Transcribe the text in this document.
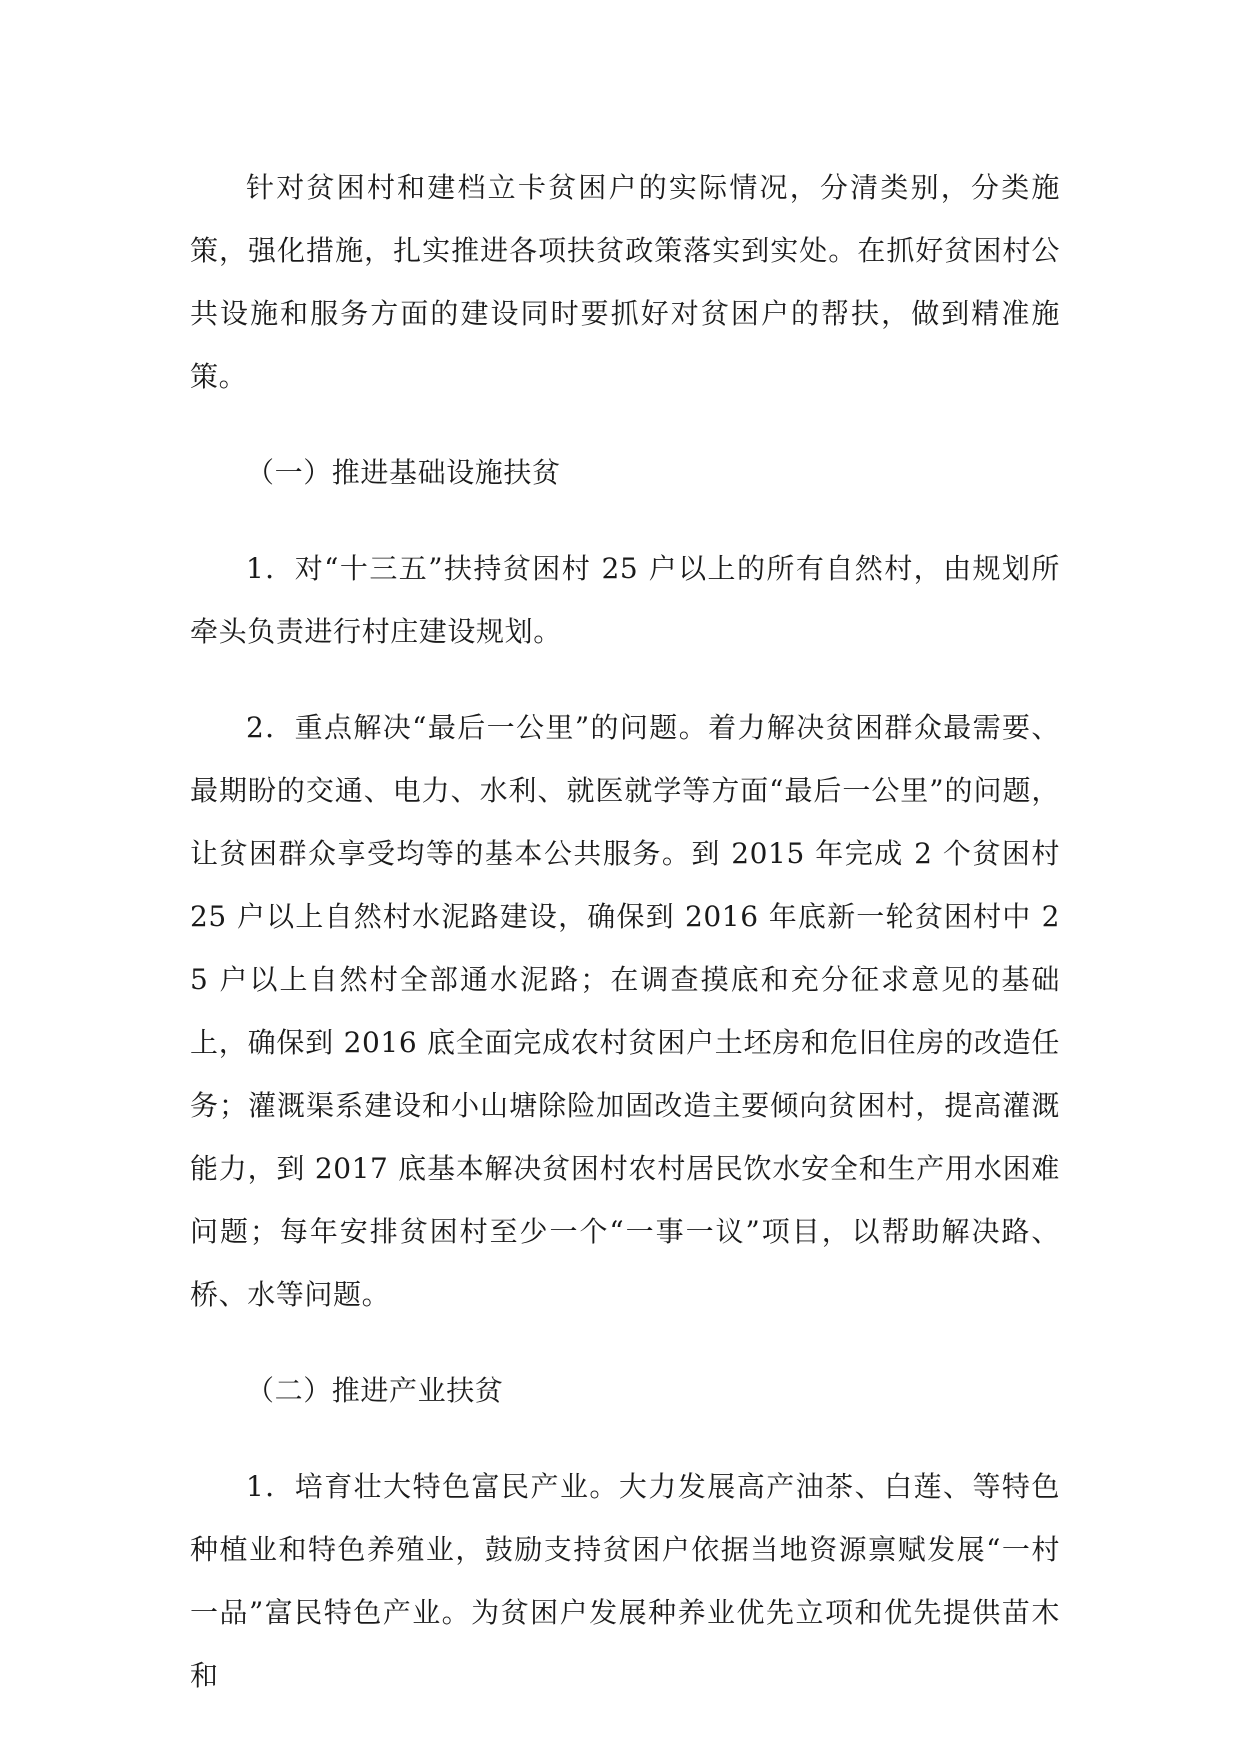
针对贫困村和建档立卡贫困户的实际情况，分清类别，分类施策，强化措施，扎实推进各项扶贫政策落实到实处。在抓好贫困村公共设施和服务方面的建设同时要抓好对贫困户的帮扶，做到精准施策。

（一）推进基础设施扶贫

1．对“十三五”扶持贫困村 25 户以上的所有自然村，由规划所牵头负责进行村庄建设规划。

2．重点解决“最后一公里”的问题。着力解决贫困群众最需要、最期盼的交通、电力、水利、就医就学等方面“最后一公里”的问题，让贫困群众享受均等的基本公共服务。到 2015 年完成 2 个贫困村 25 户以上自然村水泥路建设，确保到 2016 年底新一轮贫困村中 25 户以上自然村全部通水泥路；在调查摸底和充分征求意见的基础上，确保到 2016 底全面完成农村贫困户土坯房和危旧住房的改造任务；灌溉渠系建设和小山塘除险加固改造主要倾向贫困村，提高灌溉能力，到 2017 底基本解决贫困村农村居民饮水安全和生产用水困难问题；每年安排贫困村至少一个“一事一议”项目，以帮助解决路、桥、水等问题。

（二）推进产业扶贫

1．培育壮大特色富民产业。大力发展高产油茶、白莲、等特色种植业和特色养殖业，鼓励支持贫困户依据当地资源禀赋发展“一村一品”富民特色产业。为贫困户发展种养业优先立项和优先提供苗木和
